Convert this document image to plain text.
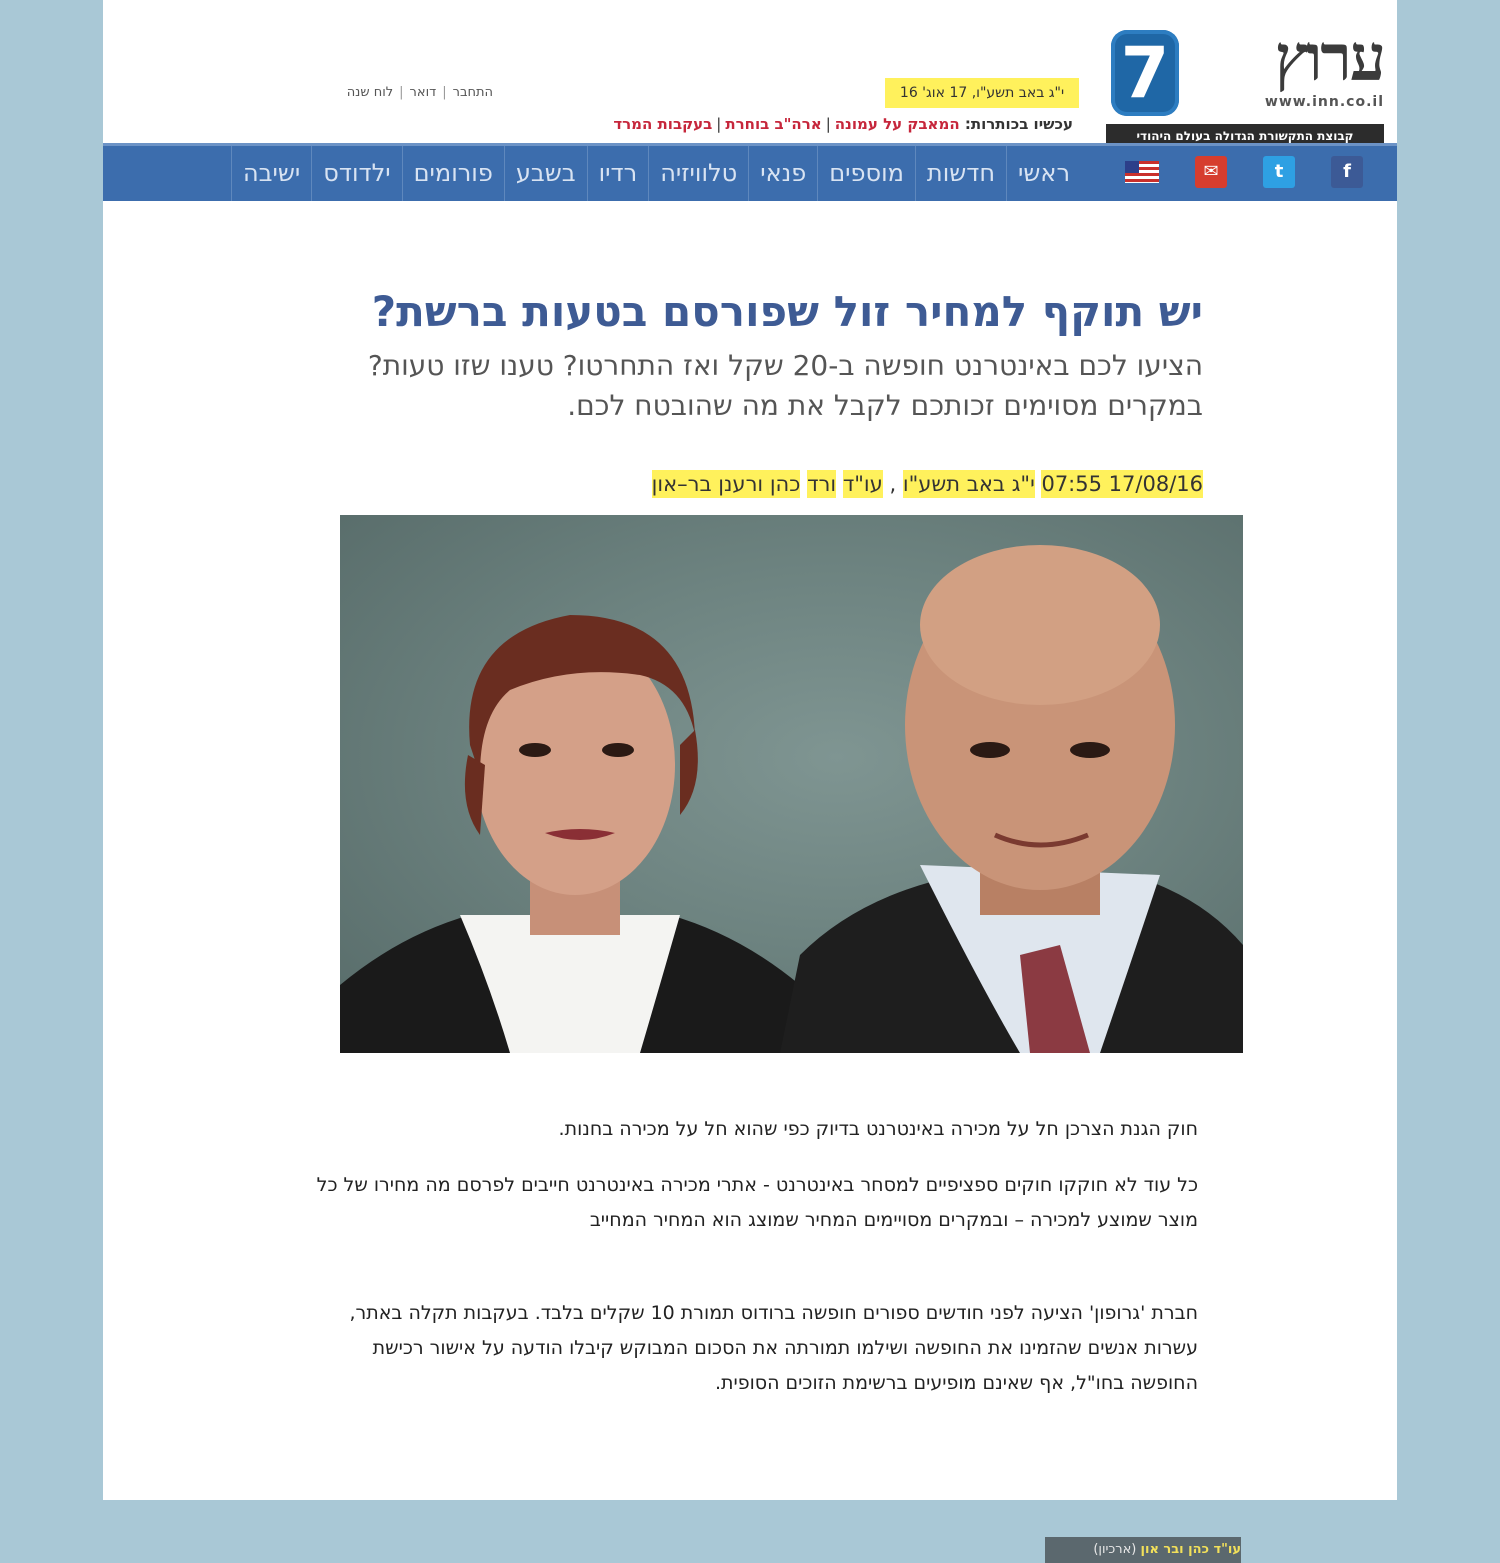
7	ערוץ
www.inn.co.il
קבוצת התקשורת הגדולה בעולם היהודי
י"ג באב תשע"ו, 17 אוג' 16
התחבר|דואר|לוח שנה
עכשיו בכותרות: המאבק על עמונה|ארה"ב בוחרת|בעקבות המרד
ראשי
חדשות
מוספים
פנאי
טלוויזיה
רדיו
בשבע
פורומים
ילדודס
ישיבה	✉	t	f
יש תוקף למחיר זול שפורסם בטעות ברשת?
הציעו לכם באינטרנט חופשה ב-20 שקל ואז התחרטו? טענו שזו טעות? במקרים מסוימים זכותכם לקבל את מה שהובטח לכם.
17/08/16 07:55 י"ג באב תשע"ו , עו"ד ורד כהן ורענן בר–און
עו"ד כהן ובר און (ארכיון)
חוק הגנת הצרכן חל על מכירה באינטרנט בדיוק כפי שהוא חל על מכירה בחנות.
כל עוד לא חוקקו חוקים ספציפיים למסחר באינטרנט - אתרי מכירה באינטרנט חייבים לפרסם מה מחירו של כל מוצר שמוצע למכירה – ובמקרים מסויימים המחיר שמוצג הוא המחיר המחייב
חברת 'גרופון' הציעה לפני חודשים ספורים חופשה ברודוס תמורת 10 שקלים בלבד. בעקבות תקלה באתר, עשרות אנשים שהזמינו את החופשה ושילמו תמורתה את הסכום המבוקש קיבלו הודעה על אישור רכישת החופשה בחו"ל, אף שאינם מופיעים ברשימת הזוכים הסופית.
